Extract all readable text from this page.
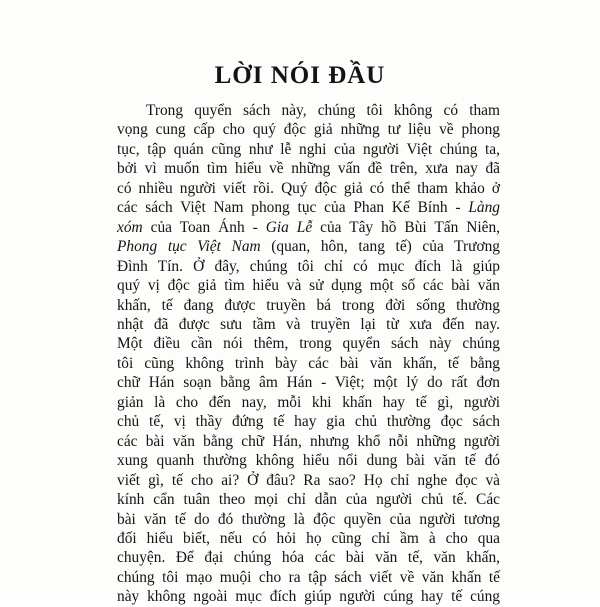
LỜI NÓI ĐẦU
Trong quyển sách này, chúng tôi không có tham
vọng cung cấp cho quý độc giả những tư liệu về phong
tục, tập quán cũng như lễ nghi của người Việt chúng ta,
bởi vì muốn tìm hiểu về những vấn đề trên, xưa nay đã
có nhiều người viết rồi. Quý độc giả có thể tham khảo ở
các sách Việt Nam phong tục của Phan Kế Bính - Làng
xóm của Toan Ánh - Gia Lễ của Tây hồ Bùi Tấn Niên,
Phong tục Việt Nam (quan, hôn, tang tế) của Trương
Đình Tín. Ở đây, chúng tôi chỉ có mục đích là giúp
quý vị độc giả tìm hiểu và sử dụng một số các bài văn
khấn, tế đang được truyền bá trong đời sống thường
nhật đã được sưu tầm và truyền lại từ xưa đến nay.
Một điều cần nói thêm, trong quyển sách này chúng
tôi cũng không trình bày các bài văn khấn, tế bằng
chữ Hán soạn bằng âm Hán - Việt; một lý do rất đơn
giản là cho đến nay, mỗi khi khấn hay tế gì, người
chủ tế, vị thầy đứng tế hay gia chủ thường đọc sách
các bài văn bằng chữ Hán, nhưng khổ nỗi những người
xung quanh thường không hiểu nổi dung bài văn tế đó
viết gì, tế cho ai? Ở đâu? Ra sao? Họ chỉ nghe đọc và
kính cẩn tuân theo mọi chỉ dẫn của người chủ tế. Các
bài văn tế do đó thường là độc quyền của người tương
đối hiểu biết, nếu có hỏi họ cũng chỉ ầm à cho qua
chuyện. Để đại chúng hóa các bài văn tế, văn khấn,
chúng tôi mạo muội cho ra tập sách viết về văn khấn tế
này không ngoài mục đích giúp người cúng hay tế cúng
